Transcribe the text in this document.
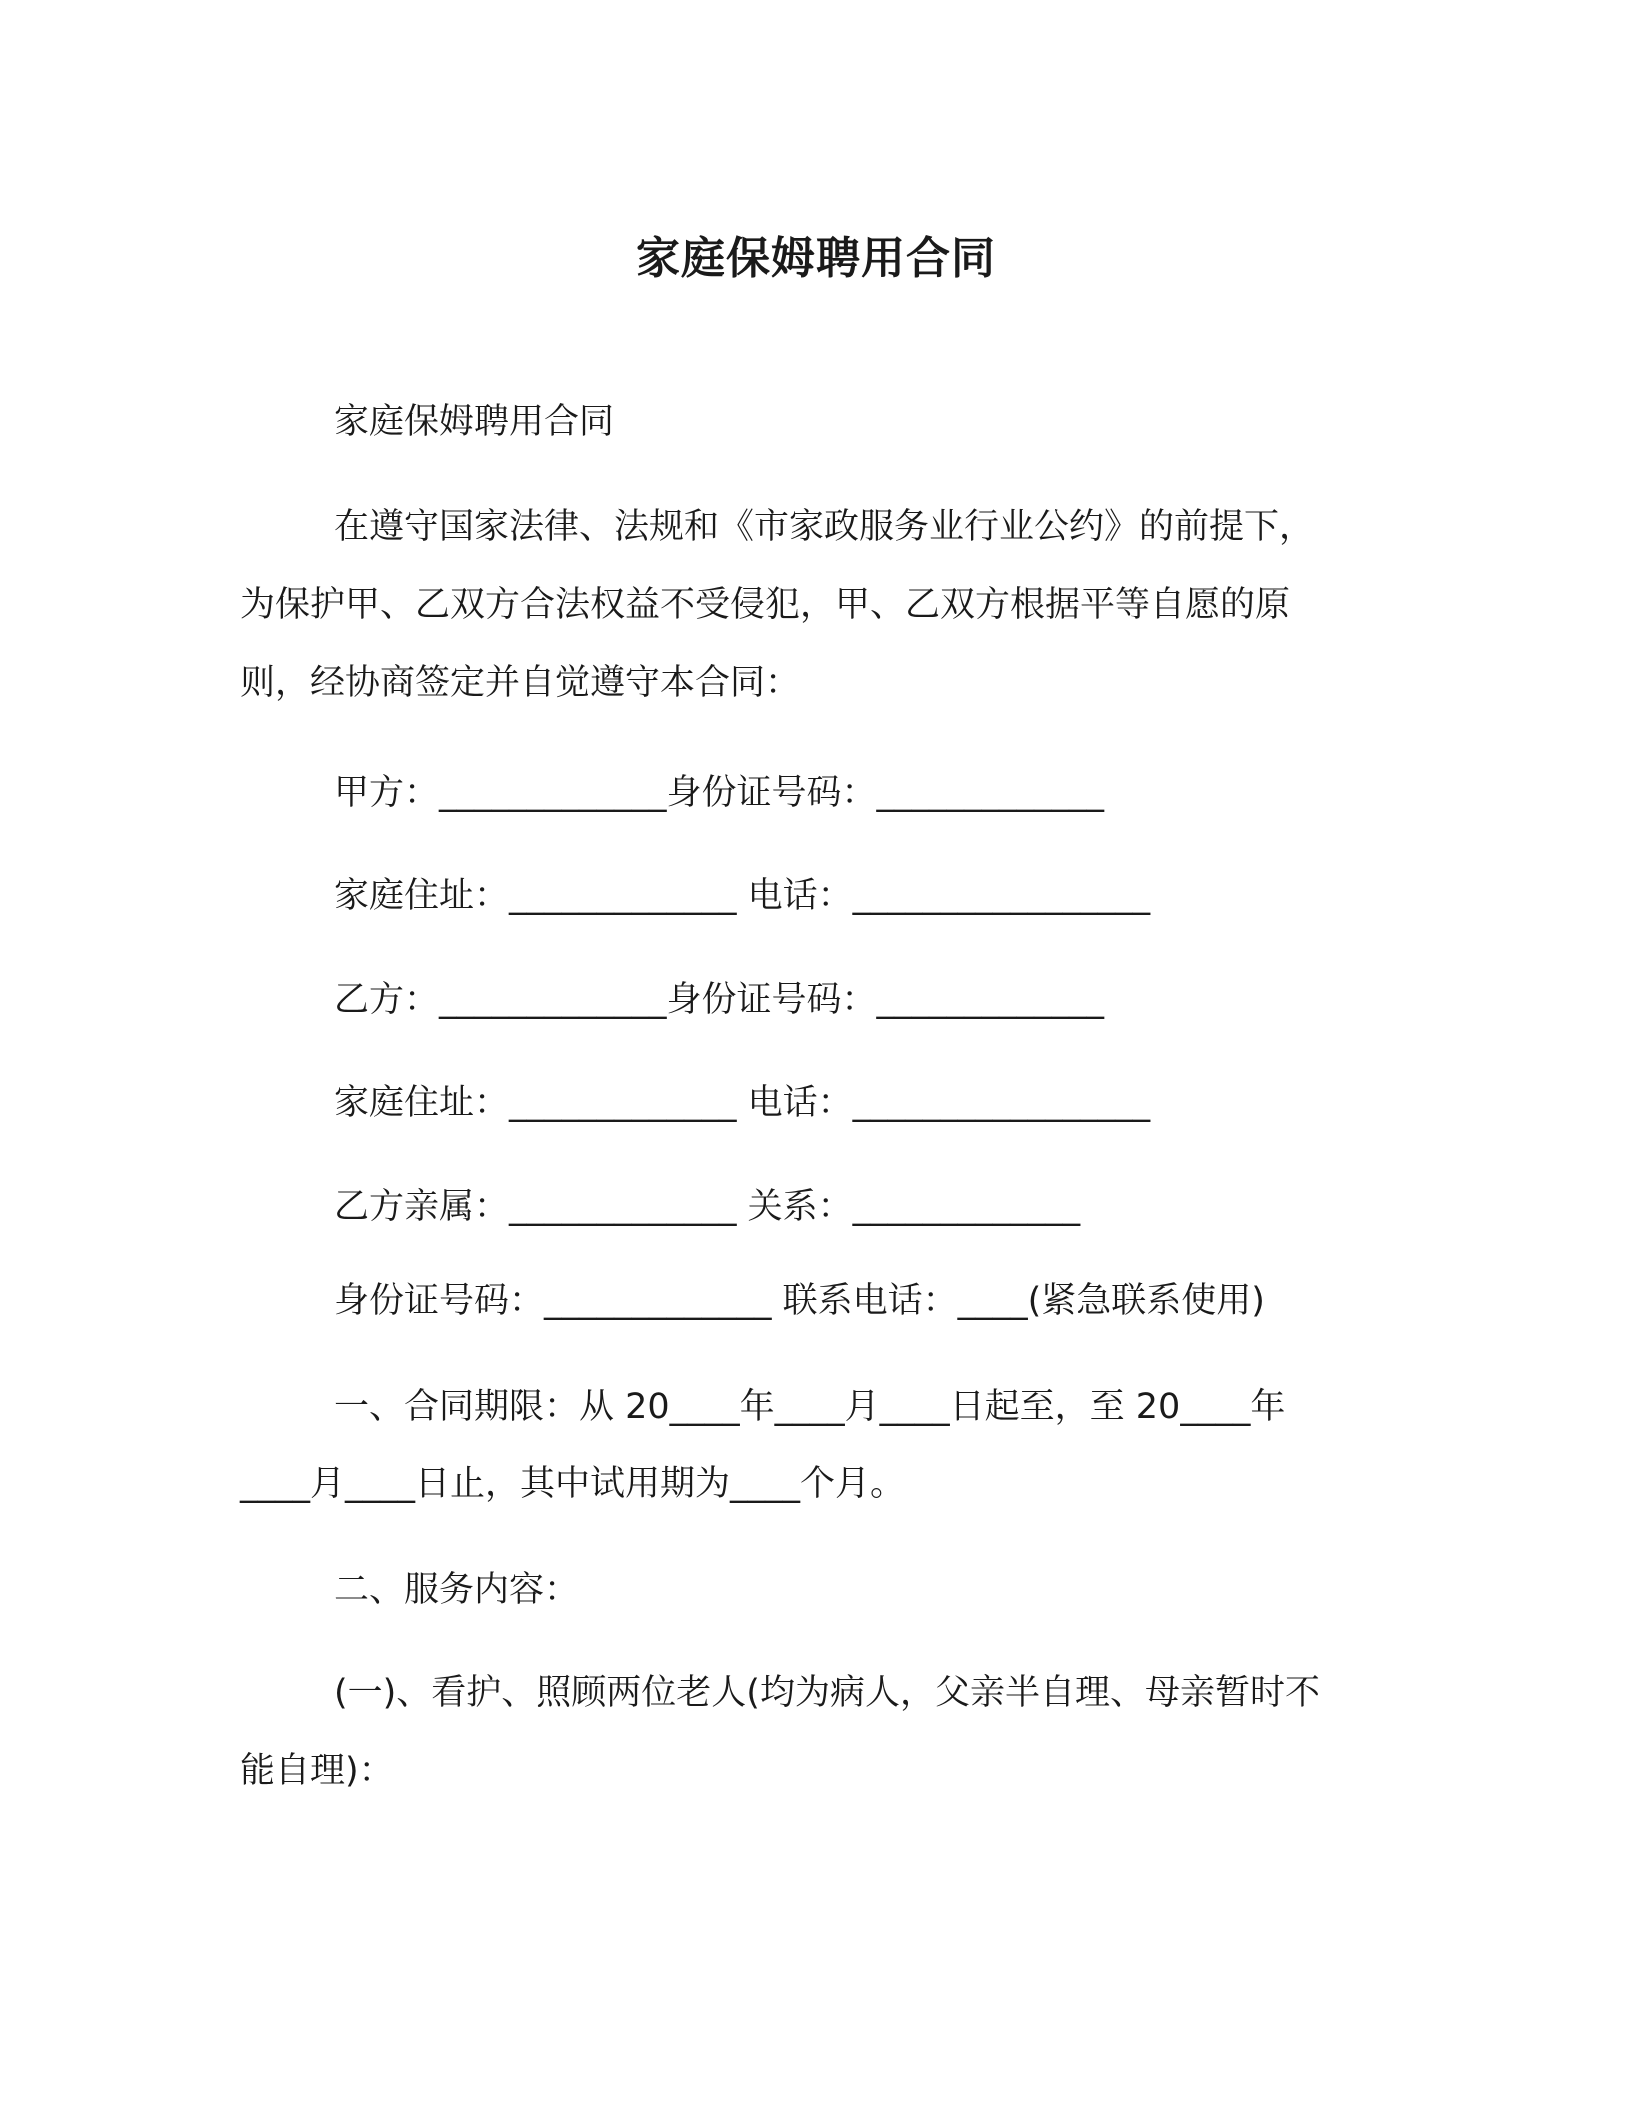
家庭保姆聘用合同
家庭保姆聘用合同
在遵守国家法律、法规和《市家政服务业行业公约》的前提下，
为保护甲、乙双方合法权益不受侵犯，甲、乙双方根据平等自愿的原
则，经协商签定并自觉遵守本合同：
甲方：_____________身份证号码：_____________
家庭住址：_____________ 电话：_________________
乙方：_____________身份证号码：_____________
家庭住址：_____________ 电话：_________________
乙方亲属：_____________ 关系：_____________
身份证号码：_____________ 联系电话：____(紧急联系使用)
一、合同期限：从 20____年____月____日起至，至 20____年
____月____日止，其中试用期为____个月。
二、服务内容：
(一)、看护、照顾两位老人(均为病人，父亲半自理、母亲暂时不
能自理)：
